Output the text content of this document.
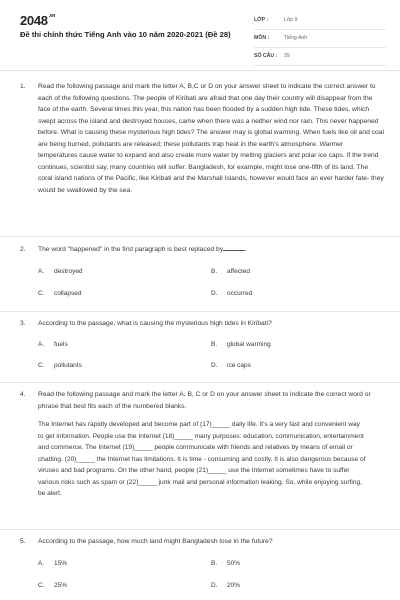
$2048^{.vn}$
Đề thi chính thức Tiếng Anh vào 10 năm 2020-2021 (Đề 28)
LỚP :	Lớp 9
MÔN :	Tiếng Anh
SỐ CÂU : 29
1. Read the following passage and mark the letter A, B,C or D on your answer sheet to indicate the correct answer to each of the following questions. The people of Kiribati are afraid that one day their country will disappear from the face of the earth. Several times this year, this nation has been flooded by a sudden high tide. These tides, which swept across the island and destroyed houses, came when there was a neither wind nor rain. This never happened before. What is causing these mysterious high tides? The answer may is global warming. When fuels like oil and coal are being burned, pollutants are released; these pollutants trap heat in the earth's atmosphere. Warmer temperatures cause water to expand and also create more water by melting glaciers and polar ice caps. If the trend continues, scientist say, many countries will suffer. Bangladesh, for example, might lose one-fifth of its land. The coral island nations of the Pacific, like Kiribati and the Marshall Islands, however would face an ever harder fate- they would be swallowed by the sea.
2. The word "happened" in the first paragraph is best replaced by	.
A. destroyed	B. affected
C. collapsed	D. occurred
3. According to the passage, what is causing the mysterious high tides in Kiribati?
A. fuels	B. global warming
C. pollutants	D. ice caps
4. Read the following passage and mark the letter A, B, C or D on your answer sheet to indicate the correct word or phrase that best fits each of the numbered blanks.
The Internet has rapidly developed and become part of (17)_____ daily life. It's a very fast and convenient way to get information. People use the Internet (18)_____ many purposes: education, communication, entertainment and commerce. The Internet (19)_____ people communicate with friends and relatives by means of email or chatting. (20)_____ the Internet has limitations. It is time - consuming and costly. It is also dangerous because of viruses and bad programs. On the other hand, people (21)_____ use the Internet sometimes have to suffer various risks such as spam or (22)_____ junk mail and personal information leaking. So, while enjoying surfing, be alert.
5. According to the passage, how much land might Bangladesh lose in the future?
A. 15%	B. 50%
C. 25%	D. 20%
